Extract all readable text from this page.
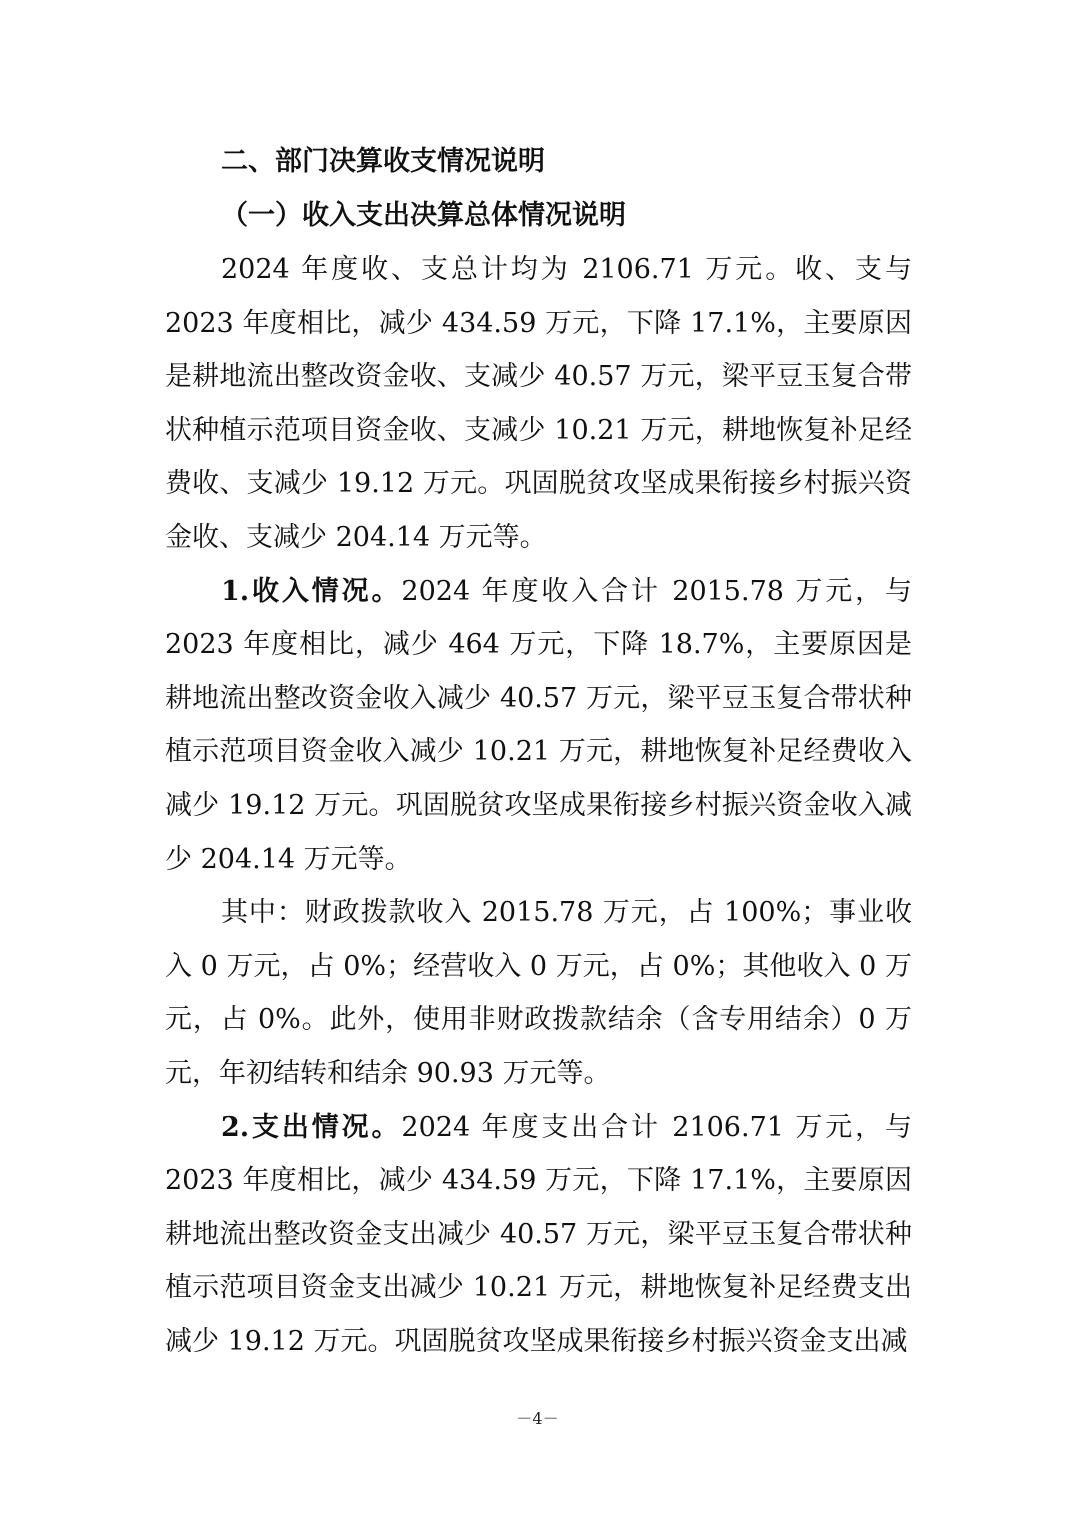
二、部门决算收支情况说明
（一）收入支出决算总体情况说明

2024 年度收、支总计均为 2106.71 万元。收、支与 2023 年度相比，减少 434.59 万元，下降 17.1%，主要原因是耕地流出整改资金收、支减少 40.57 万元，梁平豆玉复合带状种植示范项目资金收、支减少 10.21 万元，耕地恢复补足经费收、支减少 19.12 万元。巩固脱贫攻坚成果衔接乡村振兴资金收、支减少 204.14 万元等。

1.收入情况。2024 年度收入合计 2015.78 万元，与 2023 年度相比，减少 464 万元，下降 18.7%，主要原因是耕地流出整改资金收入减少 40.57 万元，梁平豆玉复合带状种植示范项目资金收入减少 10.21 万元，耕地恢复补足经费收入减少 19.12 万元。巩固脱贫攻坚成果衔接乡村振兴资金收入减少 204.14 万元等。

其中：财政拨款收入 2015.78 万元，占 100%；事业收入 0 万元，占 0%；经营收入 0 万元，占 0%；其他收入 0 万元，占 0%。此外，使用非财政拨款结余（含专用结余）0 万元，年初结转和结余 90.93 万元等。

2.支出情况。2024 年度支出合计 2106.71 万元，与 2023 年度相比，减少 434.59 万元，下降 17.1%，主要原因耕地流出整改资金支出减少 40.57 万元，梁平豆玉复合带状种植示范项目资金支出减少 10.21 万元，耕地恢复补足经费支出减少 19.12 万元。巩固脱贫攻坚成果衔接乡村振兴资金支出减

－4－
